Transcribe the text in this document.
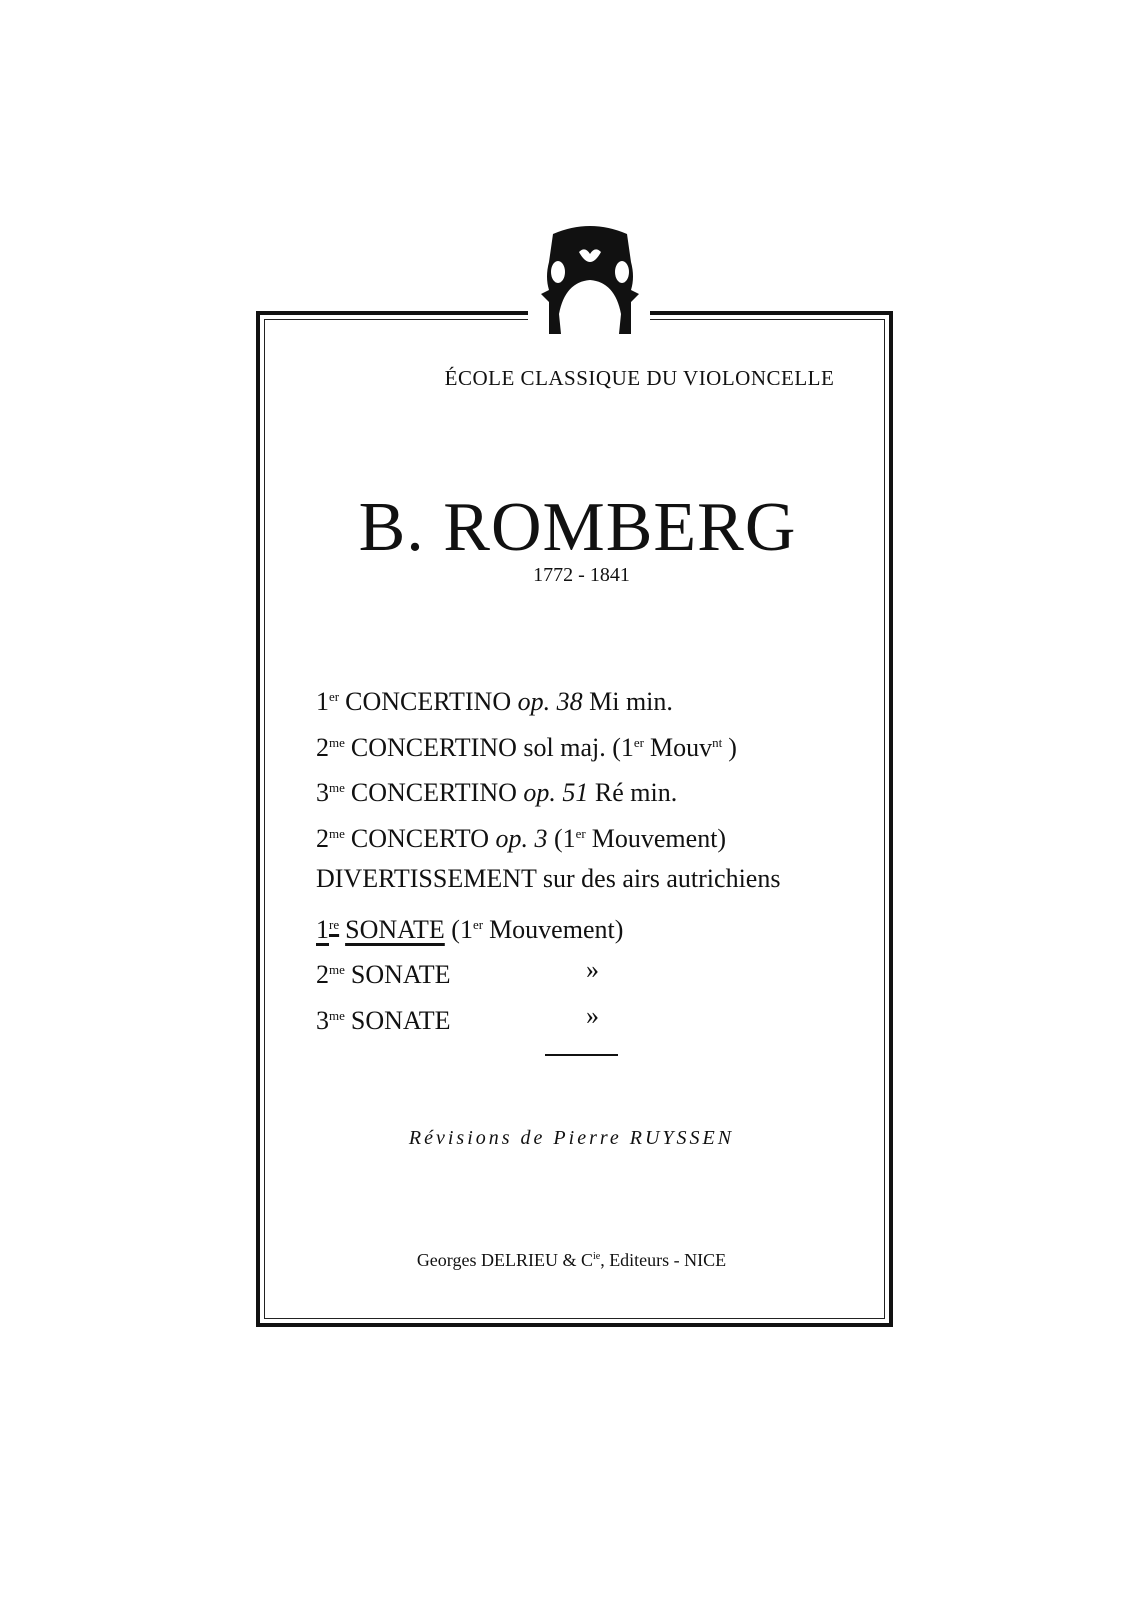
ÉCOLE CLASSIQUE DU VIOLONCELLE
B. ROMBERG
1772 - 1841
1er CONCERTINO op. 38 Mi min.
$2^{me}$ CONCERTINO sol maj. (1er Mouv$^{nt}$ )
$3^{me}$ CONCERTINO op. 51 Ré min.
$2^{me}$ CONCERTO op. 3 (1er Mouvement)
DIVERTISSEMENT sur des airs autrichiens
1re SONATE (1er Mouvement)
$2^{me}$ SONATE	»
$3^{me}$ SONATE	»
Révisions de Pierre RUYSSEN
Georges DELRIEU & $C^{ie}$, Editeurs - NICE
